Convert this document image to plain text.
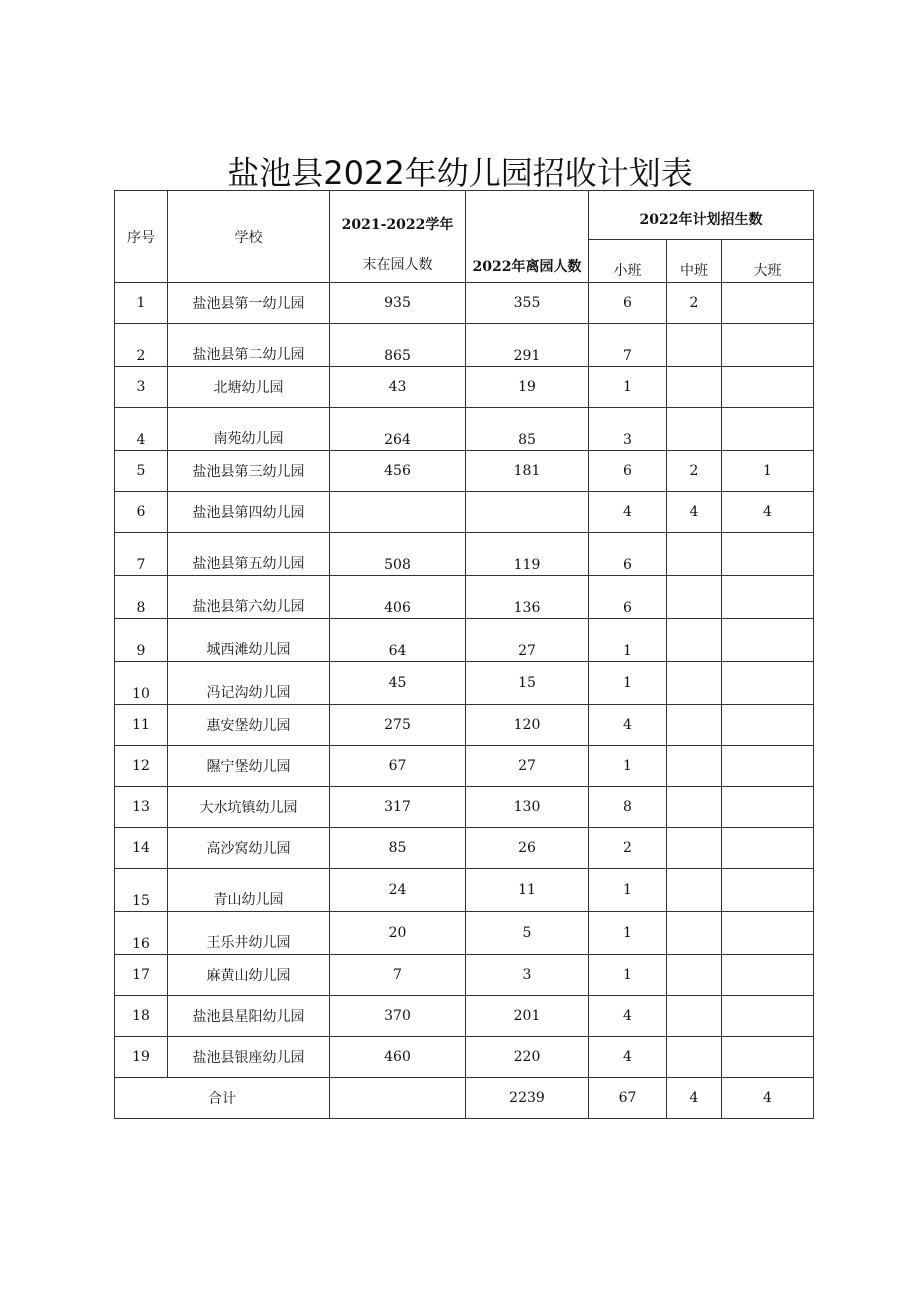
盐池县2022年幼儿园招收计划表
序号	学校	2021-2022学年
末在园人数	2022年离园人数	2022年计划招生数		
				小班	中班	大班
1	盐池县第一幼儿园	935	355	6	2	
2	盐池县第二幼儿园	865	291	7		
3	北塘幼儿园	43	19	1		
4	南苑幼儿园	264	85	3		
5	盐池县第三幼儿园	456	181	6	2	1
6	盐池县第四幼儿园			4	4	4
7	盐池县第五幼儿园	508	119	6		
8	盐池县第六幼儿园	406	136	6		
9	城西滩幼儿园	64	27	1		
10	冯记沟幼儿园	45	15	1		
11	惠安堡幼儿园	275	120	4		
12	隰宁堡幼儿园	67	27	1		
13	大水坑镇幼儿园	317	130	8		
14	高沙窝幼儿园	85	26	2		
15	青山幼儿园	24	11	1		
16	王乐井幼儿园	20	5	1		
17	麻黄山幼儿园	7	3	1		
18	盐池县星阳幼儿园	370	201	4		
19	盐池县银座幼儿园	460	220	4		
合计			2239	67	4	4
